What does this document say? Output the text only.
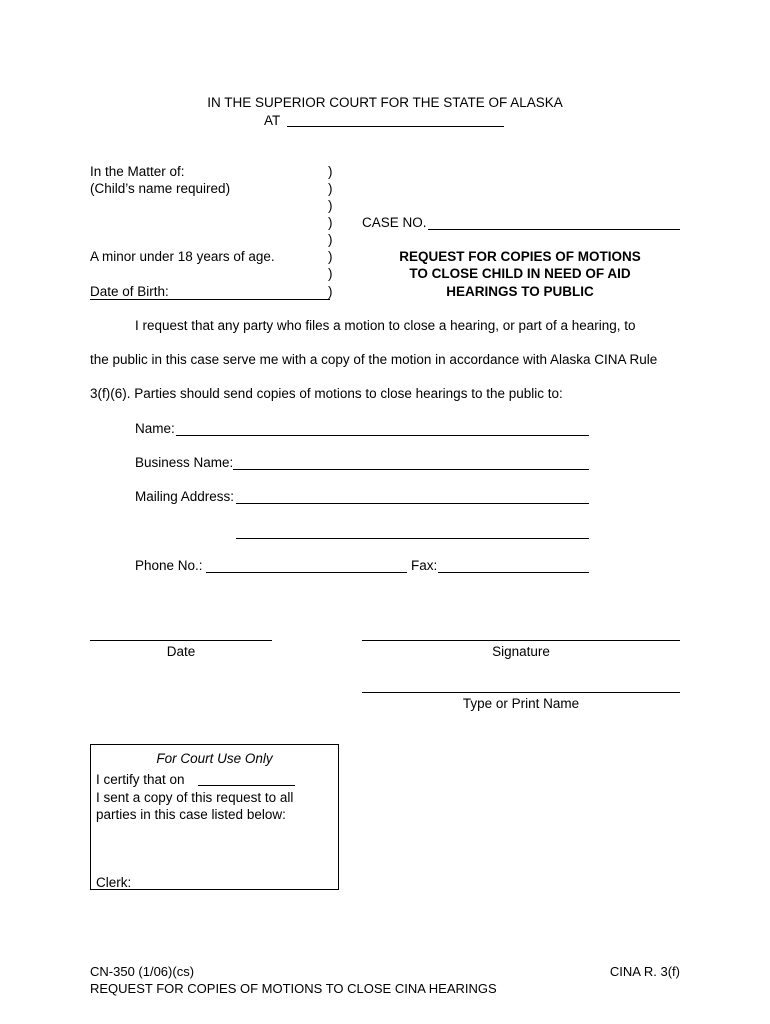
IN THE SUPERIOR COURT FOR THE STATE OF ALASKA
AT
In the Matter of:
(Child’s name required)
A minor under 18 years of age.
Date of Birth:
)
)
)
)
)
)
)
)
CASE NO.
REQUEST FOR COPIES OF MOTIONS
TO CLOSE CHILD IN NEED OF AID
HEARINGS TO PUBLIC
I request that any party who files a motion to close a hearing, or part of a hearing, to
the public in this case serve me with a copy of the motion in accordance with Alaska CINA Rule
3(f)(6). Parties should send copies of motions to close hearings to the public to:
Name:
Business Name:
Mailing Address:
Phone No.:	Fax:
Date	Signature
Type or Print Name
For Court Use Only
I certify that on
I sent a copy of this request to all
parties in this case listed below:
Clerk:
CN-350 (1/06)(cs)
REQUEST FOR COPIES OF MOTIONS TO CLOSE CINA HEARINGS
CINA R. 3(f)
